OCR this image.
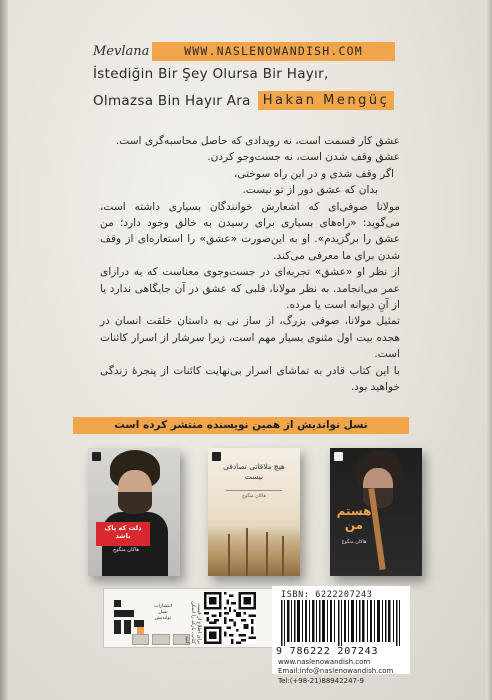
Mevlana	WWW.NASLENOWANDISH.COM
İstediğin Bir Şey Olursa Bir Hayır,
Olmazsa Bin Hayır Ara Hakan Mengüç

عشق کار قسمت است، نه رویدادی که حاصل محاسبه‌گری است.

عشق وقف شدن است، نه جست‌وجو کردن.

اگر وقف شدی و در این راه سوختی،

بدان که عشق دور از تو نیست.

مولانا صوفی‌ای که اشعارش خوانندگان بسیاری داشته است، می‌گوید: «راه‌های بسیاری برای رسیدن به خالق وجود دارد؛ من عشق را برگزیدم». او به این‌صورت «عشق» را استعاره‌ای از وقف شدن برای ما معرفی می‌کند.

از نظر او «عشق» تجربه‌ای در جست‌وجوی معناست که به درازای عمر می‌انجامد. به نظر مولانا، قلبی که عشق در آن جایگاهی ندارد یا از آنِ دیوانه است یا مرده.

تمثیل مولانا، صوفی بزرگ، از ساز نی به داستان خلقت انسان در هجده بیت اول مثنوی بسیار مهم است، زیرا سرشار از اسرار کائنات است.

با این کتاب قادر به تماشای اسرار بی‌نهایت کائنات از پنجرهٔ زندگی خواهید بود.

نسل نواندیش از همین نویسنده منتشر کرده است
دلت که پاک باشد
هاکان منگوچ
هیچ ملاقاتی تصادفی نیست
هاکان منگوچ
هستم من
هاکان منگوچ
انتشارات نسل نواندیش	برای اطلاع از قیمت کتاب، بارکد را اسکن کنید
ISBN: 6222207243
9 786222 207243
www.naslenowandish.com
Email:info@naslenowandish.com
Tel:(+98-21)88942247-9
